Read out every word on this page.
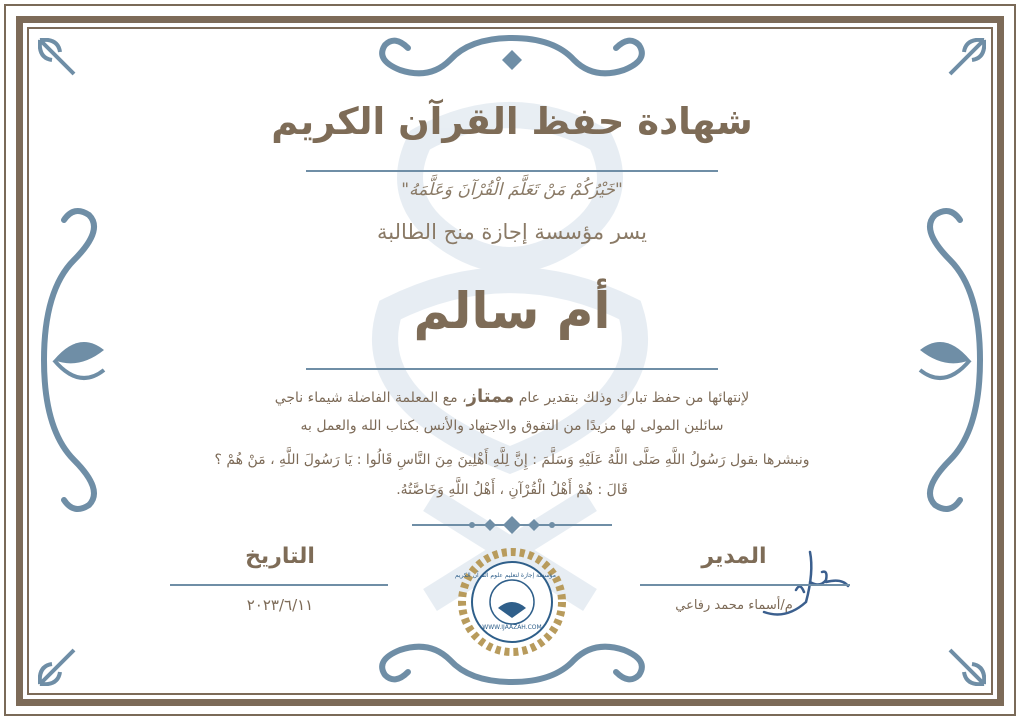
شهادة حفظ القرآن الكريم
"خَيْرُكُمْ مَنْ تَعَلَّمَ الْقُرْآنَ وَعَلَّمَهُ"
يسر مؤسسة إجازة منح الطالبة
أم سالم
لإنتهائها من حفظ تبارك وذلك بتقدير عام ممتاز، مع المعلمة الفاضلة شيماء ناجي
سائلين المولى لها مزيدًا من التفوق والاجتهاد والأنس بكتاب الله والعمل به
ونبشرها بقول رَسُولُ اللَّهِ صَلَّى اللَّهُ عَلَيْهِ وَسَلَّمَ : إِنَّ لِلَّهِ أَهْلِينَ مِنَ النَّاسِ قَالُوا : يَا رَسُولَ اللَّهِ ، مَنْ هُمْ ؟
قَالَ : هُمْ أَهْلُ الْقُرْآنِ ، أَهْلُ اللَّهِ وَخَاصَّتُهُ.
التاريخ
٢٠٢٣/٦/١١
مؤسسة إجازة لتعليم علوم القرآن الكريم
WWW.IJAAZAH.COM
المدير
م/أسماء محمد رفاعي
